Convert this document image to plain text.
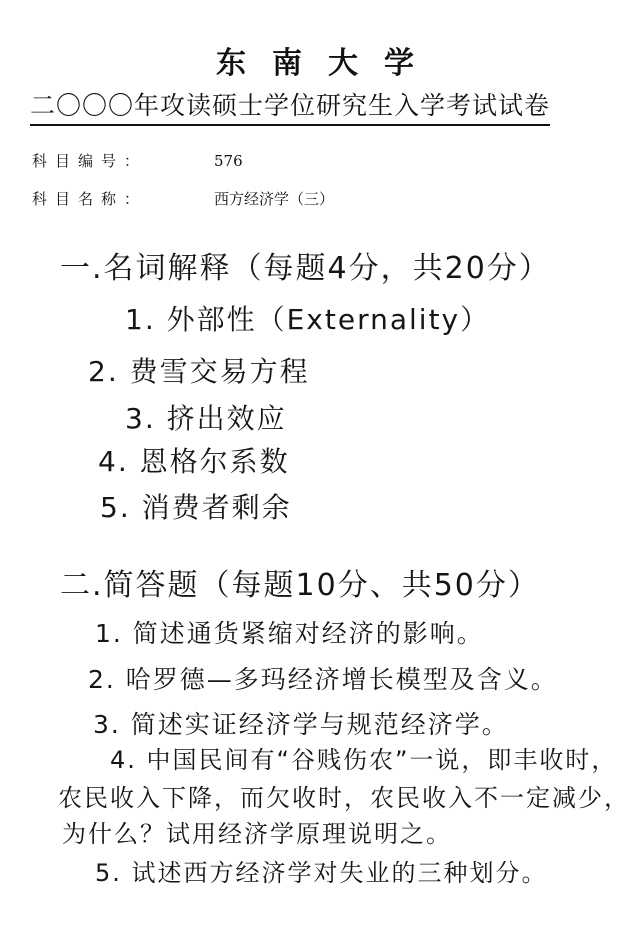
东南大学
二〇〇〇年攻读硕士学位研究生入学考试试卷
科目编号：	576
科目名称：	西方经济学（三）
一.名词解释（每题4分，共20分）
1. 外部性（Externality）
2. 费雪交易方程
3. 挤出效应
4. 恩格尔系数
5. 消费者剩余
二.简答题（每题10分、共50分）
1. 简述通货紧缩对经济的影响。
2. 哈罗德—多玛经济增长模型及含义。
3. 简述实证经济学与规范经济学。
4. 中国民间有“谷贱伤农”一说，即丰收时，
农民收入下降，而欠收时，农民收入不一定减少，
为什么？试用经济学原理说明之。
5. 试述西方经济学对失业的三种划分。
